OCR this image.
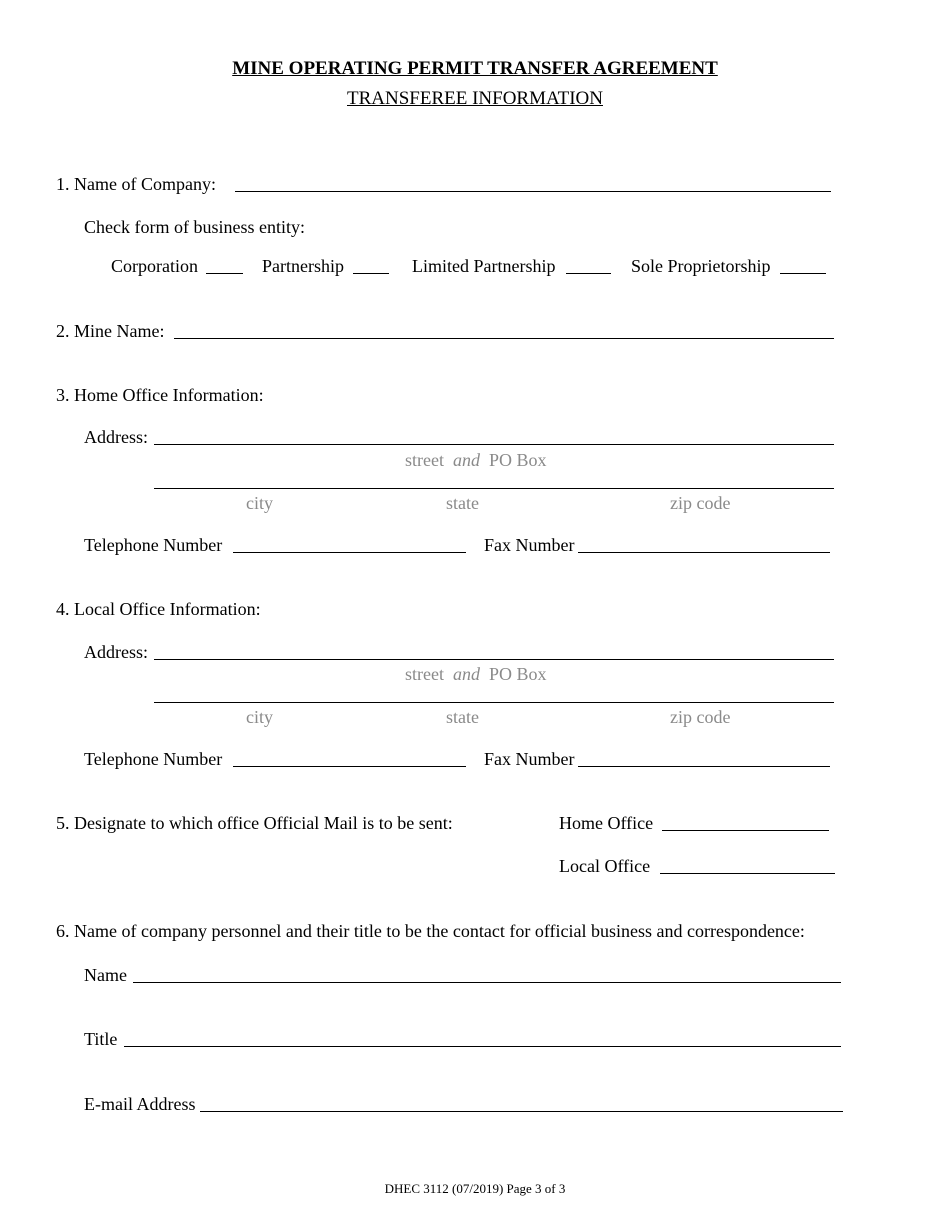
MINE OPERATING PERMIT TRANSFER AGREEMENT
TRANSFEREE INFORMATION
1. Name of Company:
Check form of business entity:
Corporation	Partnership	Limited Partnership	Sole Proprietorship
2. Mine Name:
3. Home Office Information:
Address:
street and PO Box
city	state	zip code
Telephone Number	Fax Number
4. Local Office Information:
Address:
street and PO Box
city	state	zip code
Telephone Number	Fax Number
5. Designate to which office Official Mail is to be sent:	Home Office
Local Office
6. Name of company personnel and their title to be the contact for official business and correspondence:
Name
Title
E-mail Address
DHEC 3112 (07/2019) Page 3 of 3
